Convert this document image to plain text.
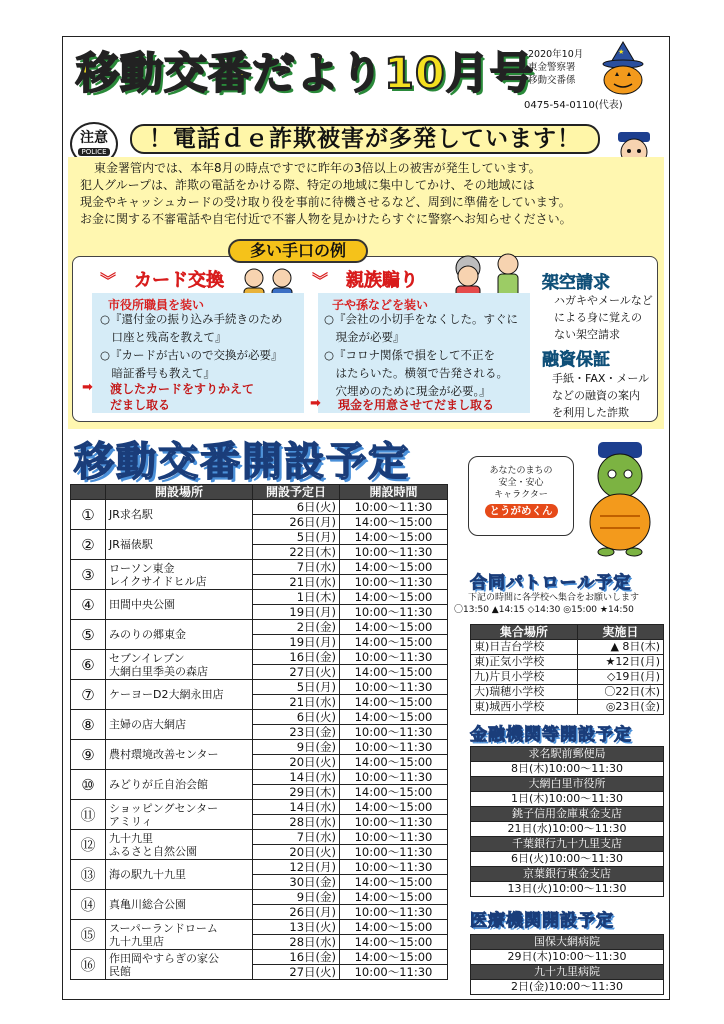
移動交番だより10月号
2020年10月
東金警察署
移動交番係
★
0475-54-0110(代表)
注意
POLICE	！電話ｄｅ詐欺被害が多発しています！
東金署管内では、本年8月の時点ですでに昨年の3倍以上の被害が発生しています。
犯人グループは、詐欺の電話をかける際、特定の地域に集中してかけ、その地域には
現金やキャッシュカードの受け取り役を事前に待機させるなど、周到に準備をしています。
お金に関する不審電話や自宅付近で不審人物を見かけたらすぐに警察へお知らせください。
多い手口の例
︾ カード交換
市役所職員を装い
○『還付金の振り込み手続きのため
　口座と残高を教えて』
○『カードが古いので交換が必要』
　暗証番号も教えて』
➡ 渡したカードをすりかえて
だまし取る
︾ 親族騙り
子や孫などを装い
○『会社の小切手をなくした。すぐに
　現金が必要』
○『コロナ関係で損をして不正を
　はたらいた。横領で告発される。
　穴埋めのために現金が必要。』
➡ 現金を用意させてだまし取る
架空請求
ハガキやメールなど
による身に覚えの
ない架空請求
融資保証
手紙・FAX・メール
などの融資の案内
を利用した詐欺
移動交番開設予定
	開設場所	開設予定日	開設時間
①	JR求名駅	6日(火)	10:00～11:30
		26日(月)	14:00～15:00
②	JR福俵駅	5日(月)	14:00～15:00
		22日(木)	10:00～11:30
③	ローソン東金
レイクサイドヒル店	7日(水)	14:00～15:00
		21日(水)	10:00～11:30
④	田間中央公園	1日(木)	14:00～15:00
		19日(月)	10:00～11:30
⑤	みのりの郷東金	2日(金)	14:00～15:00
		19日(月)	14:00～15:00
⑥	セブンイレブン
大網白里季美の森店	16日(金)	10:00～11:30
		27日(火)	14:00～15:00
⑦	ケーヨーD2大網永田店	5日(月)	10:00～11:30
		21日(水)	14:00～15:00
⑧	主婦の店大網店	6日(火)	14:00～15:00
		23日(金)	10:00～11:30
⑨	農村環境改善センター	9日(金)	10:00～11:30
		20日(火)	14:00～15:00
⑩	みどりが丘自治会館	14日(水)	10:00～11:30
		29日(木)	14:00～15:00
⑪	ショッピングセンター
アミリィ	14日(水)	14:00～15:00
		28日(水)	10:00～11:30
⑫	九十九里
ふるさと自然公園	7日(水)	10:00～11:30
		20日(火)	10:00～11:30
⑬	海の駅九十九里	12日(月)	10:00～11:30
		30日(金)	14:00～15:00
⑭	真亀川総合公園	9日(金)	14:00～15:00
		26日(月)	10:00～11:30
⑮	スーパーランドローム
九十九里店	13日(火)	14:00～15:00
		28日(水)	14:00～15:00
⑯	作田岡やすらぎの家公
民館	16日(金)	14:00～15:00
		27日(火)	10:00～11:30
あなたのまちの
安全・安心
キャラクター
とうがめくん
合同パトロール予定
下記の時間に各学校へ集合をお願いします
〇13:50 ▲14:15 ◇14:30 ◎15:00 ★14:50
集合場所	実施日
東)日吉台学校	▲ 8日(木)
東)正気小学校	★12日(月)
九)片貝小学校	◇19日(月)
大)瑞穂小学校	〇22日(木)
東)城西小学校	◎23日(金)
金融機関等開設予定
求名駅前郵便局
8日(木)10:00～11:30
大網白里市役所
1日(木)10:00～11:30
銚子信用金庫東金支店
21日(水)10:00～11:30
千葉銀行九十九里支店
6日(火)10:00～11:30
京葉銀行東金支店
13日(火)10:00～11:30
医療機関開設予定
国保大網病院
29日(木)10:00～11:30
九十九里病院
2日(金)10:00～11:30
